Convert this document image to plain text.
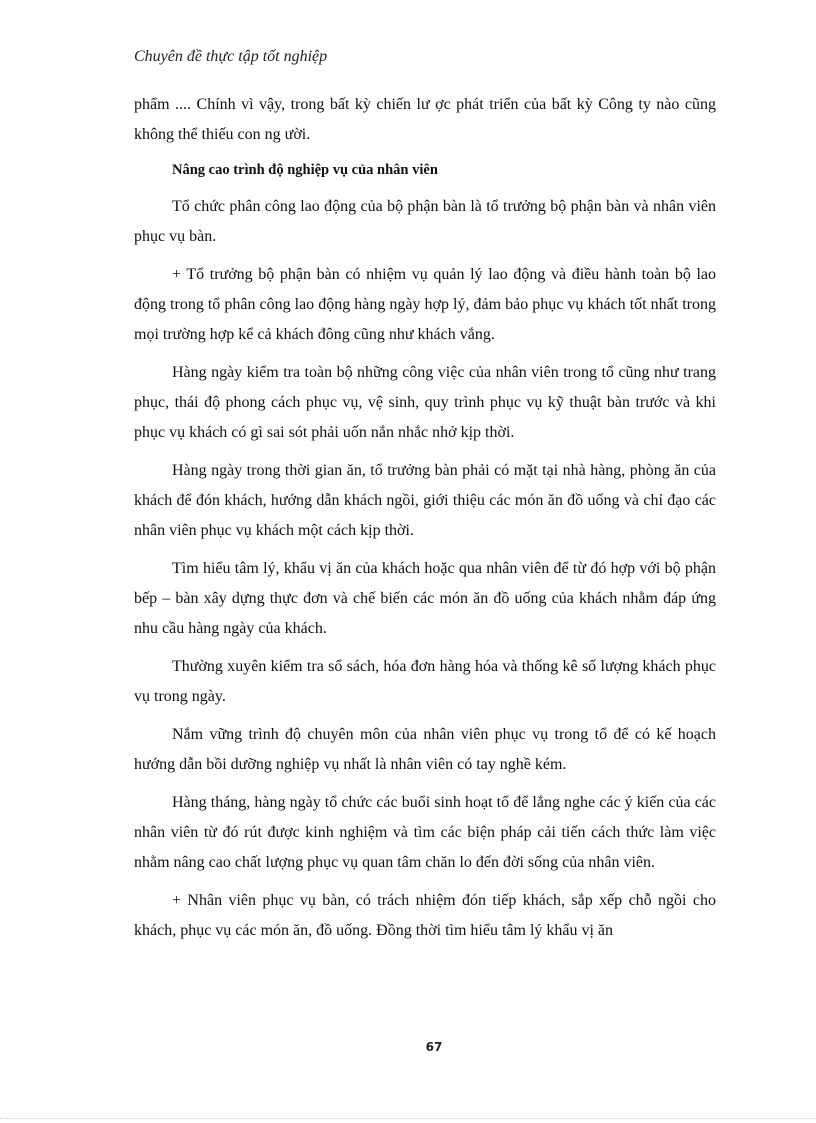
Chuyên đề thực tập tốt nghiệp

phẩm .... Chính vì vậy, trong bất kỳ chiến lư ợc phát triển của bất kỳ Công ty nào cũng không thể thiếu con ng ười.

Nâng cao trình độ nghiệp vụ của nhân viên

Tổ chức phân công lao động của bộ phận bàn là tổ trưởng bộ phận bàn và nhân viên phục vụ bàn.

+ Tổ trưởng bộ phận bàn có nhiệm vụ quản lý lao động và điều hành toàn bộ lao động trong tổ phân công lao động hàng ngày hợp lý, đảm bảo phục vụ khách tốt nhất trong mọi trường hợp kể cả khách đông cũng như khách vắng.

Hàng ngày kiểm tra toàn bộ những công việc của nhân viên trong tổ cũng như trang phục, thái độ phong cách phục vụ, vệ sinh, quy trình phục vụ kỹ thuật bàn trước và khi phục vụ khách có gì sai sót phải uốn nắn nhắc nhở kịp thời.

Hàng ngày trong thời gian ăn, tổ trưởng bàn phải có mặt tại nhà hàng, phòng ăn của khách để đón khách, hướng dẫn khách ngồi, giới thiệu các món ăn đồ uống và chỉ đạo các nhân viên phục vụ khách một cách kịp thời.

Tìm hiểu tâm lý, khẩu vị ăn của khách hoặc qua nhân viên để từ đó hợp với bộ phận bếp – bàn xây dựng thực đơn và chế biến các món ăn đồ uống của khách nhằm đáp ứng nhu cầu hàng ngày của khách.

Thường xuyên kiểm tra sổ sách, hóa đơn hàng hóa và thống kê số lượng khách phục vụ trong ngày.

Nắm vững trình độ chuyên môn của nhân viên phục vụ trong tổ để có kế hoạch hướng dẫn bồi dưỡng nghiệp vụ nhất là nhân viên có tay nghề kém.

Hàng tháng, hàng ngày tổ chức các buổi sinh hoạt tổ để lắng nghe các ý kiến của các nhân viên từ đó rút được kinh nghiệm và tìm các biện pháp cải tiến cách thức làm việc nhằm nâng cao chất lượng phục vụ quan tâm chăn lo đến đời sống của nhân viên.

+ Nhân viên phục vụ bàn, có trách nhiệm đón tiếp khách, sắp xếp chỗ ngồi cho khách, phục vụ các món ăn, đồ uống. Đồng thời tìm hiểu tâm lý khẩu vị ăn

67
